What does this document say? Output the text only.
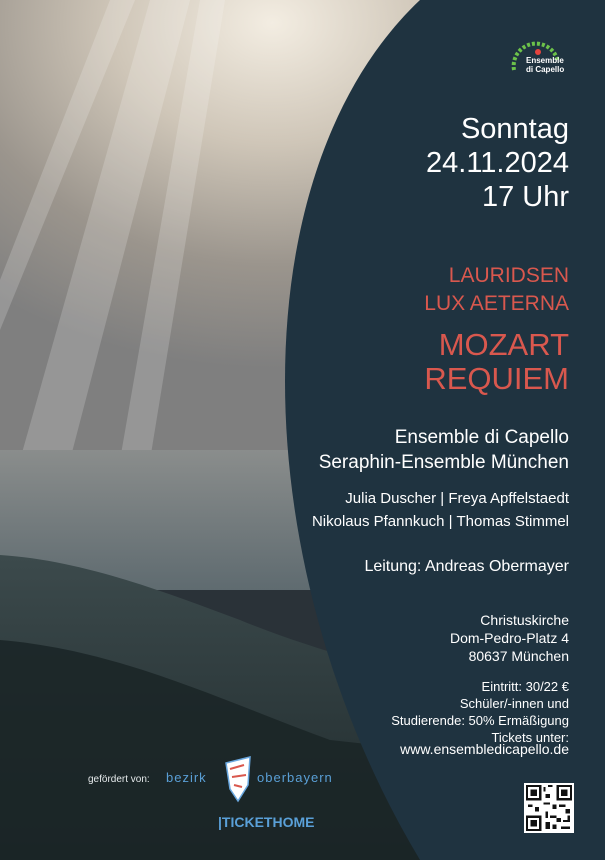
Ensemble
di Capello
Sonntag
24.11.2024
17 Uhr
LAURIDSEN
LUX AETERNA
MOZART
REQUIEM
Ensemble di Capello
Seraphin-Ensemble München
Julia Duscher | Freya Apffelstaedt
Nikolaus Pfannkuch | Thomas Stimmel
Leitung: Andreas Obermayer
Christuskirche
Dom-Pedro-Platz 4
80637 München
Eintritt: 30/22 €
Schüler/-innen und
Studierende: 50% Ermäßigung
Tickets unter:
www.ensembledicapello.de
gefördert von: bezirk	oberbayern
|TICKETHOME
